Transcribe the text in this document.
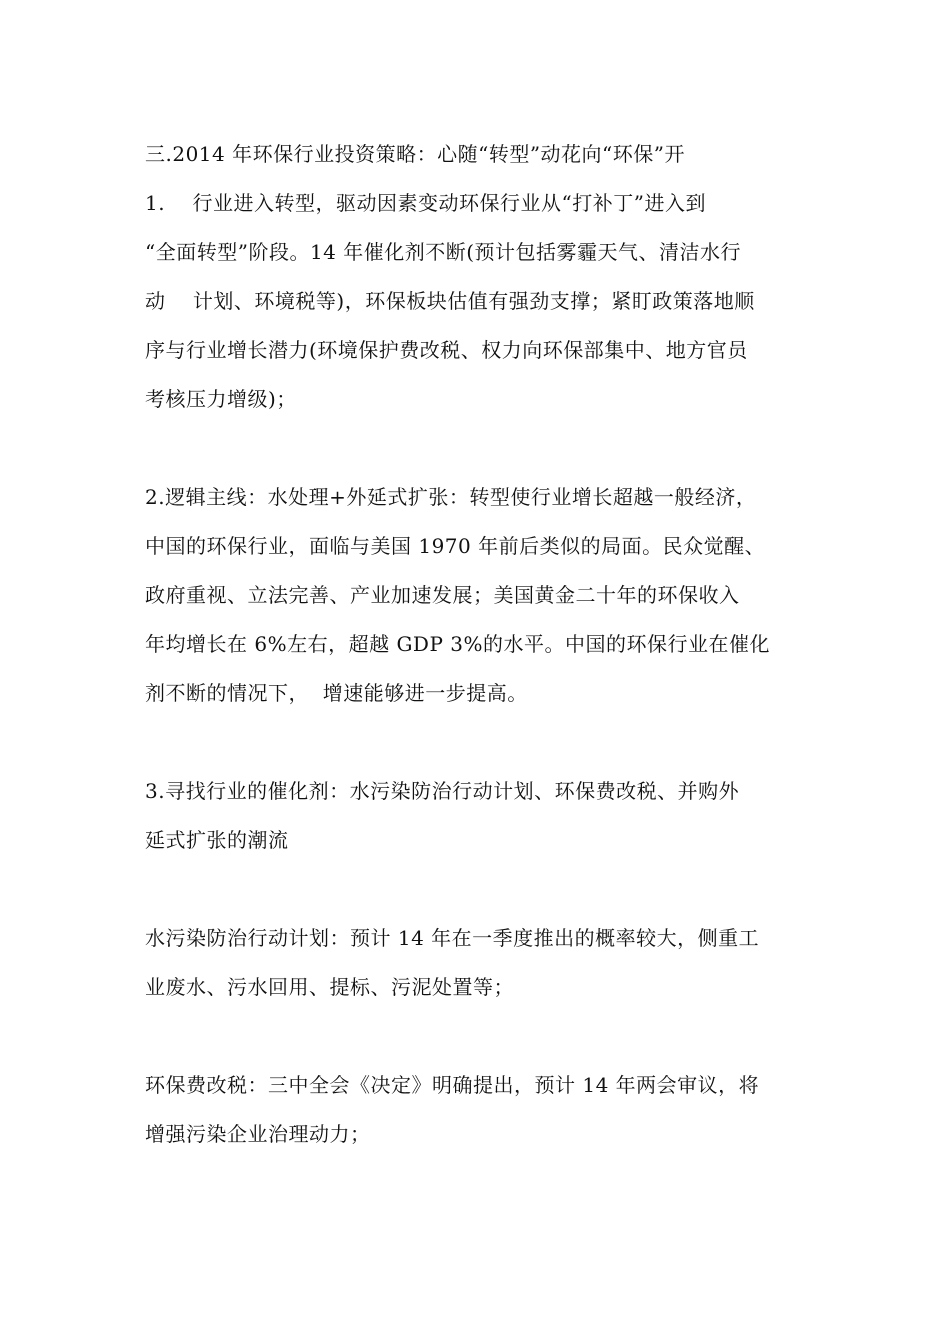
三.2014 年环保行业投资策略：心随“转型”动花向“环保”开
1.    行业进入转型，驱动因素变动环保行业从“打补丁”进入到
“全面转型”阶段。14 年催化剂不断(预计包括雾霾天气、清洁水行
动    计划、环境税等)，环保板块估值有强劲支撑；紧盯政策落地顺
序与行业增长潜力(环境保护费改税、权力向环保部集中、地方官员
考核压力增级)；
2.逻辑主线：水处理+外延式扩张：转型使行业增长超越一般经济，
中国的环保行业，面临与美国 1970 年前后类似的局面。民众觉醒、
政府重视、立法完善、产业加速发展；美国黄金二十年的环保收入
年均增长在 6%左右，超越 GDP 3%的水平。中国的环保行业在催化
剂不断的情况下，  增速能够进一步提高。
3.寻找行业的催化剂：水污染防治行动计划、环保费改税、并购外
延式扩张的潮流
水污染防治行动计划：预计 14 年在一季度推出的概率较大，侧重工
业废水、污水回用、提标、污泥处置等；
环保费改税：三中全会《决定》明确提出，预计 14 年两会审议，将
增强污染企业治理动力；
